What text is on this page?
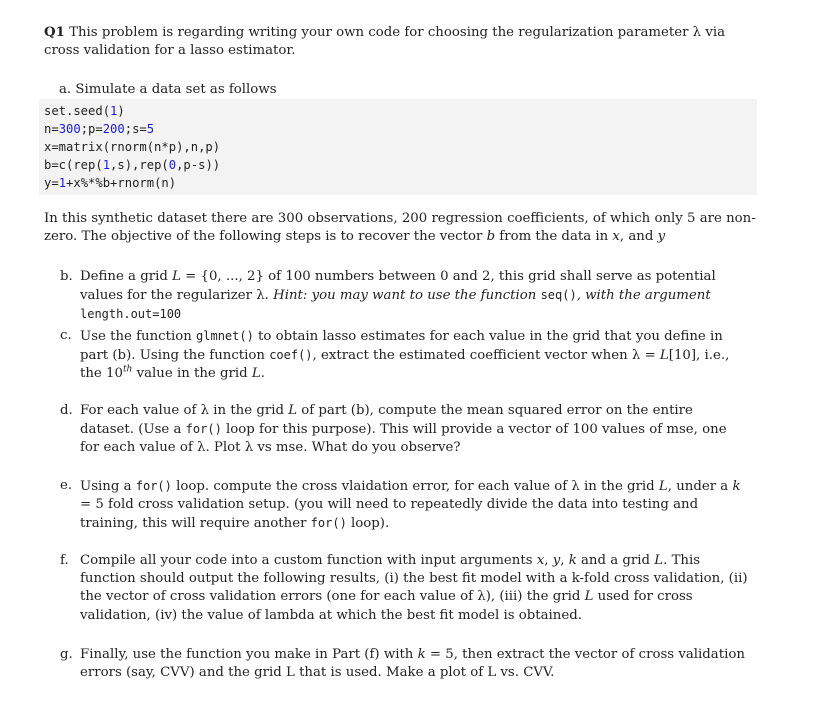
Q1 This problem is regarding writing your own code for choosing the regularization parameter λ via cross validation for a lasso estimator.
a. Simulate a data set as follows
set.seed(1)
n=300;p=200;s=5
x=matrix(rnorm(n*p),n,p)
b=c(rep(1,s),rep(0,p-s))
y=1+x%*%b+rnorm(n)
In this synthetic dataset there are 300 observations, 200 regression coefficients, of which only 5 are non-zero. The objective of the following steps is to recover the vector b from the data in x, and y
b. Define a grid L = {0, ..., 2} of 100 numbers between 0 and 2, this grid shall serve as potential values for the regularizer λ. Hint: you may want to use the function seq(), with the argument length.out=100
c. Use the function glmnet() to obtain lasso estimates for each value in the grid that you define in part (b). Using the function coef(), extract the estimated coefficient vector when λ = L[10], i.e., the 10th value in the grid L.
d. For each value of λ in the grid L of part (b), compute the mean squared error on the entire dataset. (Use a for() loop for this purpose). This will provide a vector of 100 values of mse, one for each value of λ. Plot λ vs mse. What do you observe?
e. Using a for() loop. compute the cross vlaidation error, for each value of λ in the grid L, under a k = 5 fold cross validation setup. (you will need to repeatedly divide the data into testing and training, this will require another for() loop).
f. Compile all your code into a custom function with input arguments x, y, k and a grid L. This function should output the following results, (i) the best fit model with a k-fold cross validation, (ii) the vector of cross validation errors (one for each value of λ), (iii) the grid L used for cross validation, (iv) the value of lambda at which the best fit model is obtained.
g. Finally, use the function you make in Part (f) with k = 5, then extract the vector of cross validation errors (say, CVV) and the grid L that is used. Make a plot of L vs. CVV.
